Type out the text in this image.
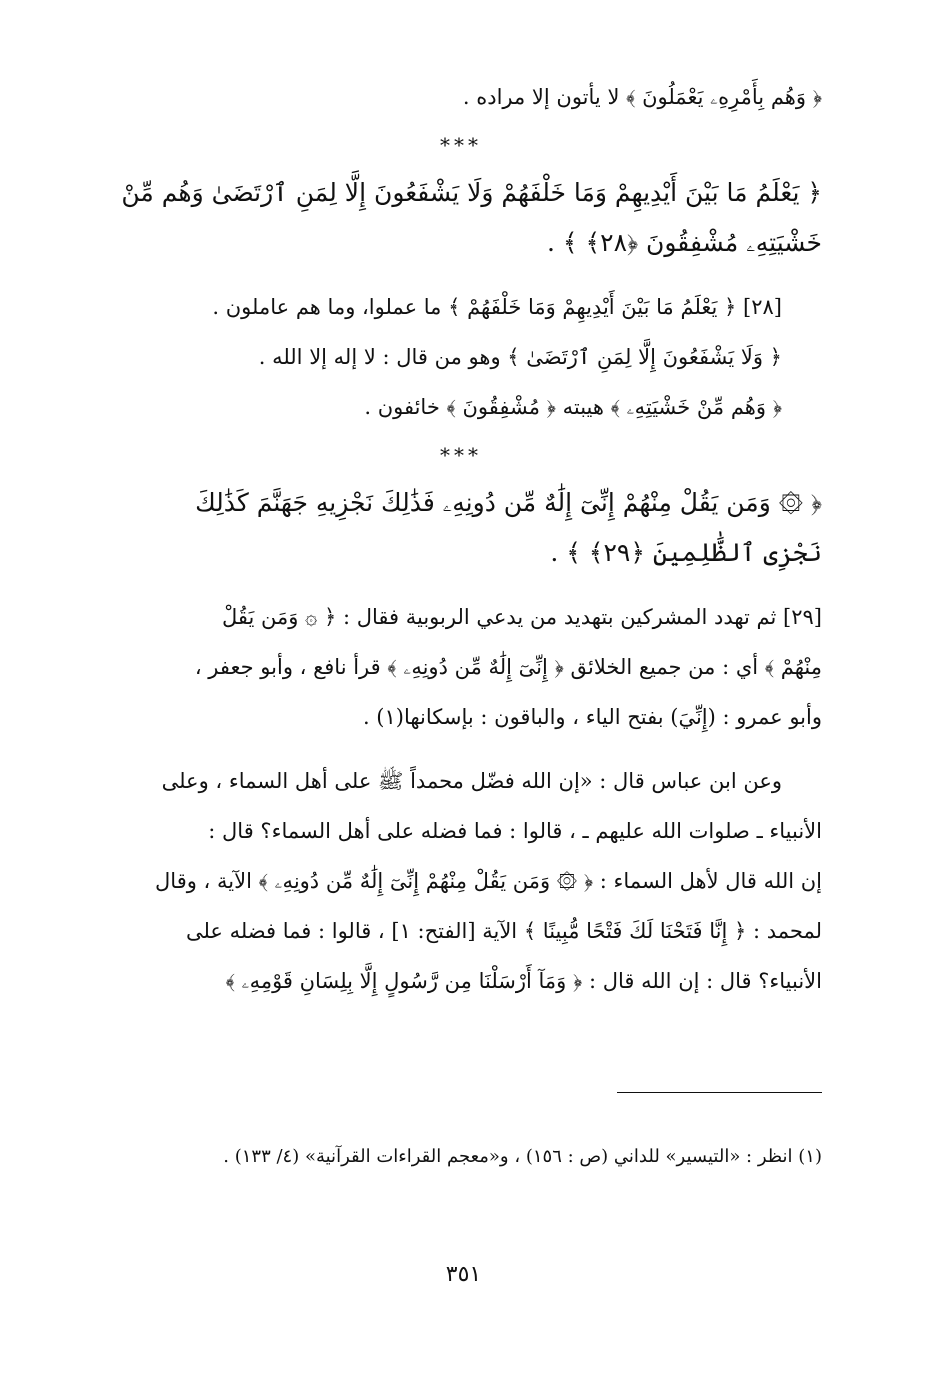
﴿ وَهُم بِأَمْرِهِۦ يَعْمَلُونَ ﴾ لا يأتون إلا مراده .
***
﴿ يَعْلَمُ مَا بَيْنَ أَيْدِيهِمْ وَمَا خَلْفَهُمْ وَلَا يَشْفَعُونَ إِلَّا لِمَنِ ٱرْتَضَىٰ وَهُم مِّنْ
خَشْيَتِهِۦ مُشْفِقُونَ ﴿٢٨﴾ ﴾ .
[٢٨] ﴿ يَعْلَمُ مَا بَيْنَ أَيْدِيهِمْ وَمَا خَلْفَهُمْ ﴾ ما عملوا، وما هم عاملون .
﴿ وَلَا يَشْفَعُونَ إِلَّا لِمَنِ ٱرْتَضَىٰ ﴾ وهو من قال : لا إله إلا الله .
﴿ وَهُم مِّنْ خَشْيَتِهِۦ ﴾ هيبته ﴿ مُشْفِقُونَ ﴾ خائفون .
***
﴿ ۞ وَمَن يَقُلْ مِنْهُمْ إِنِّىٓ إِلَٰهٌ مِّن دُونِهِۦ فَذَٰلِكَ نَجْزِيهِ جَهَنَّمَ كَذَٰلِكَ
نَجْزِى ٱلظَّٰلِمِينَ ﴿٢٩﴾ ﴾ .
[٢٩] ثم تهدد المشركين بتهديد من يدعي الربوبية فقال : ﴿ ۞ وَمَن يَقُلْ
مِنْهُمْ ﴾ أي : من جميع الخلائق ﴿ إِنِّىٓ إِلَٰهٌ مِّن دُونِهِۦ ﴾ قرأ نافع ، وأبو جعفر ،
وأبو عمرو : (إِنِّيَ) بفتح الياء ، والباقون : بإسكانها(١) .
وعن ابن عباس قال : «إن الله فضّل محمداً ﷺ على أهل السماء ، وعلى
الأنبياء ـ صلوات الله عليهم ـ ، قالوا : فما فضله على أهل السماء؟ قال :
إن الله قال لأهل السماء : ﴿ ۞ وَمَن يَقُلْ مِنْهُمْ إِنِّىٓ إِلَٰهٌ مِّن دُونِهِۦ ﴾ الآية ، وقال
لمحمد : ﴿ إِنَّا فَتَحْنَا لَكَ فَتْحًا مُّبِينًا ﴾ الآية [الفتح: ١] ، قالوا : فما فضله على
الأنبياء؟ قال : إن الله قال : ﴿ وَمَآ أَرْسَلْنَا مِن رَّسُولٍ إِلَّا بِلِسَانِ قَوْمِهِۦ ﴾
(١) انظر : «التيسير» للداني (ص : ١٥٦) ، و«معجم القراءات القرآنية» (٤/ ١٣٣) .
٣٥١
